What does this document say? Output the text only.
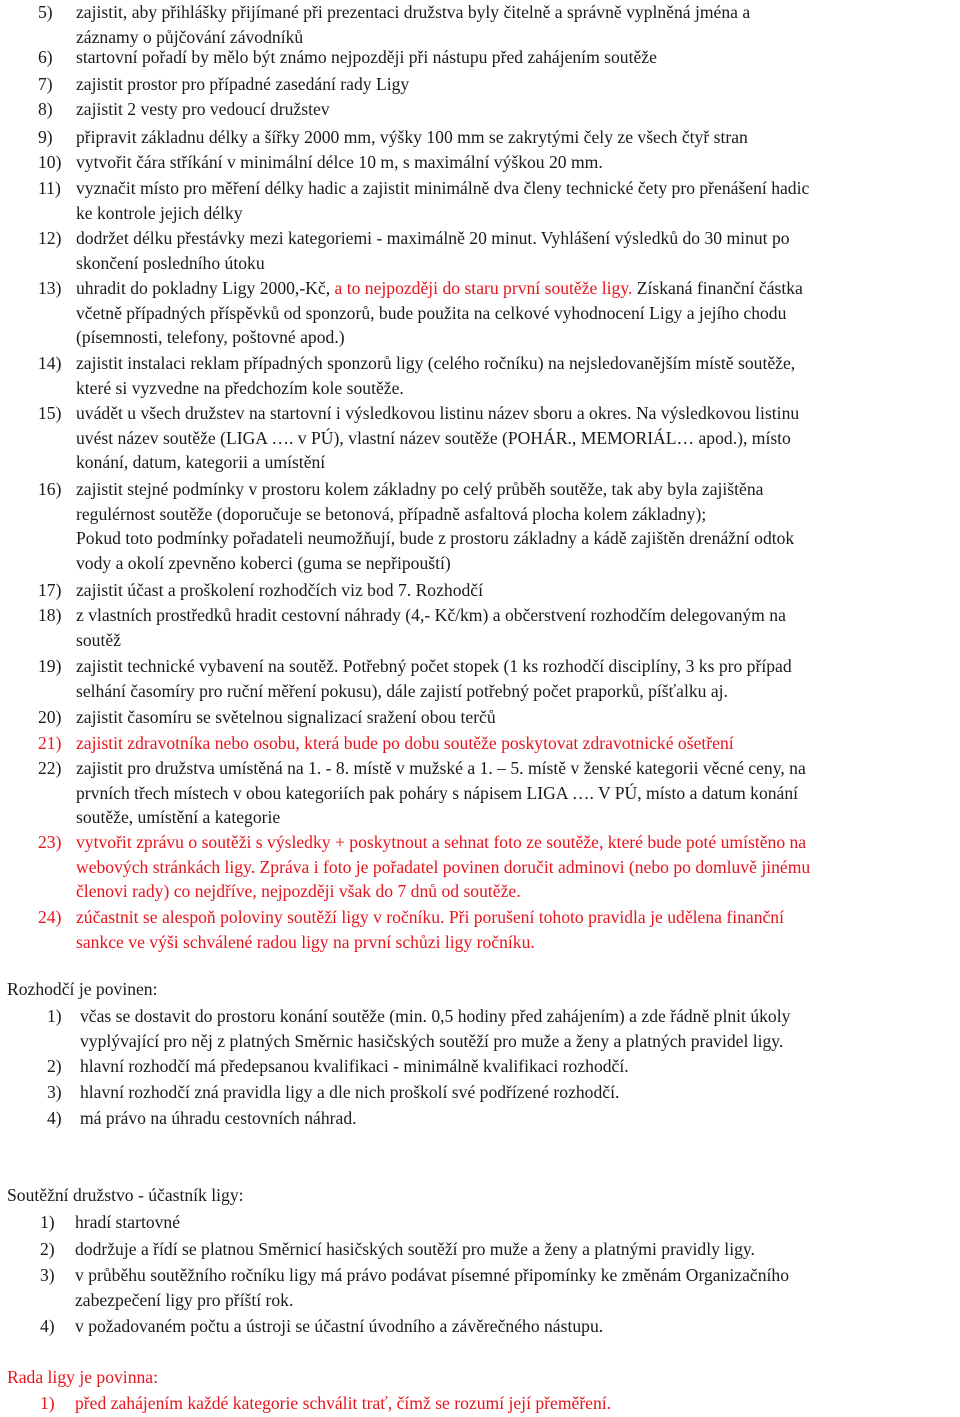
5)	zajistit, aby přihlášky přijímané při prezentaci družstva byly čitelně a správně vyplněná jména a
záznamy o půjčování závodníků
6)	startovní pořadí by mělo být známo nejpozději při nástupu před zahájením soutěže
7)	zajistit prostor pro případné zasedání rady Ligy
8)	zajistit 2 vesty pro vedoucí družstev
9)	připravit základnu délky a šířky 2000 mm, výšky 100 mm se zakrytými čely ze všech čtyř stran
10) vytvořit čára stříkání v minimální délce 10 m, s maximální výškou 20 mm.
11) vyznačit místo pro měření délky hadic a zajistit minimálně dva členy technické čety pro přenášení hadic
ke kontrole jejich délky
12) dodržet délku přestávky mezi kategoriemi - maximálně 20 minut. Vyhlášení výsledků do 30 minut po
skončení posledního útoku
13) uhradit do pokladny Ligy 2000,-Kč, a to nejpozději do staru první soutěže ligy. Získaná finanční částka
včetně případných příspěvků od sponzorů, bude použita na celkové vyhodnocení Ligy a jejího chodu
(písemnosti, telefony, poštovné apod.)
14) zajistit instalaci reklam případných sponzorů ligy (celého ročníku) na nejsledovanějším místě soutěže,
které si vyzvedne na předchozím kole soutěže.
15) uvádět u všech družstev na startovní i výsledkovou listinu název sboru a okres. Na výsledkovou listinu
uvést název soutěže (LIGA …. v PÚ), vlastní název soutěže (POHÁR., MEMORIÁL… apod.), místo
konání, datum, kategorii a umístění
16) zajistit stejné podmínky v prostoru kolem základny po celý průběh soutěže, tak aby byla zajištěna
regulérnost soutěže (doporučuje se betonová, případně asfaltová plocha kolem základny);
Pokud toto podmínky pořadateli neumožňují, bude z prostoru základny a kádě zajištěn drenážní odtok
vody a okolí zpevněno koberci (guma se nepřipouští)
17) zajistit účast a proškolení rozhodčích viz bod 7. Rozhodčí
18) z vlastních prostředků hradit cestovní náhrady (4,- Kč/km) a občerstvení rozhodčím delegovaným na
soutěž
19) zajistit technické vybavení na soutěž. Potřebný počet stopek (1 ks rozhodčí disciplíny, 3 ks pro případ
selhání časomíry pro ruční měření pokusu), dále zajistí potřebný počet praporků, píšťalku aj.
20) zajistit časomíru se světelnou signalizací sražení obou terčů
21) zajistit zdravotníka nebo osobu, která bude po dobu soutěže poskytovat zdravotnické ošetření
22) zajistit pro družstva umístěná na 1. - 8. místě v mužské a 1. – 5. místě v ženské kategorii věcné ceny, na
prvních třech místech v obou kategoriích pak poháry s nápisem LIGA …. V PÚ, místo a datum konání
soutěže, umístění a kategorie
23) vytvořit zprávu o soutěži s výsledky + poskytnout a sehnat foto ze soutěže, které bude poté umístěno na
webových stránkách ligy. Zpráva i foto je pořadatel povinen doručit adminovi (nebo po domluvě jinému
členovi rady) co nejdříve, nejpozději však do 7 dnů od soutěže.
24) zúčastnit se alespoň poloviny soutěží ligy v ročníku. Při porušení tohoto pravidla je udělena finanční
sankce ve výši schválené radou ligy na první schůzi ligy ročníku.
Rozhodčí je povinen:
1)	včas se dostavit do prostoru konání soutěže (min. 0,5 hodiny před zahájením) a zde řádně plnit úkoly
vyplývající pro něj z platných Směrnic hasičských soutěží pro muže a ženy a platných pravidel ligy.
2)	hlavní rozhodčí má předepsanou kvalifikaci - minimálně kvalifikaci rozhodčí.
3)	hlavní rozhodčí zná pravidla ligy a dle nich proškolí své podřízené rozhodčí.
4)	má právo na úhradu cestovních náhrad.
Soutěžní družstvo - účastník ligy:
1)	hradí startovné
2)	dodržuje a řídí se platnou Směrnicí hasičských soutěží pro muže a ženy a platnými pravidly ligy.
3)	v průběhu soutěžního ročníku ligy má právo podávat písemné připomínky ke změnám Organizačního
zabezpečení ligy pro příští rok.
4)	v požadovaném počtu a ústroji se účastní úvodního a závěrečného nástupu.
Rada ligy je povinna:
1)	před zahájením každé kategorie schválit trať, čímž se rozumí její přeměření.
